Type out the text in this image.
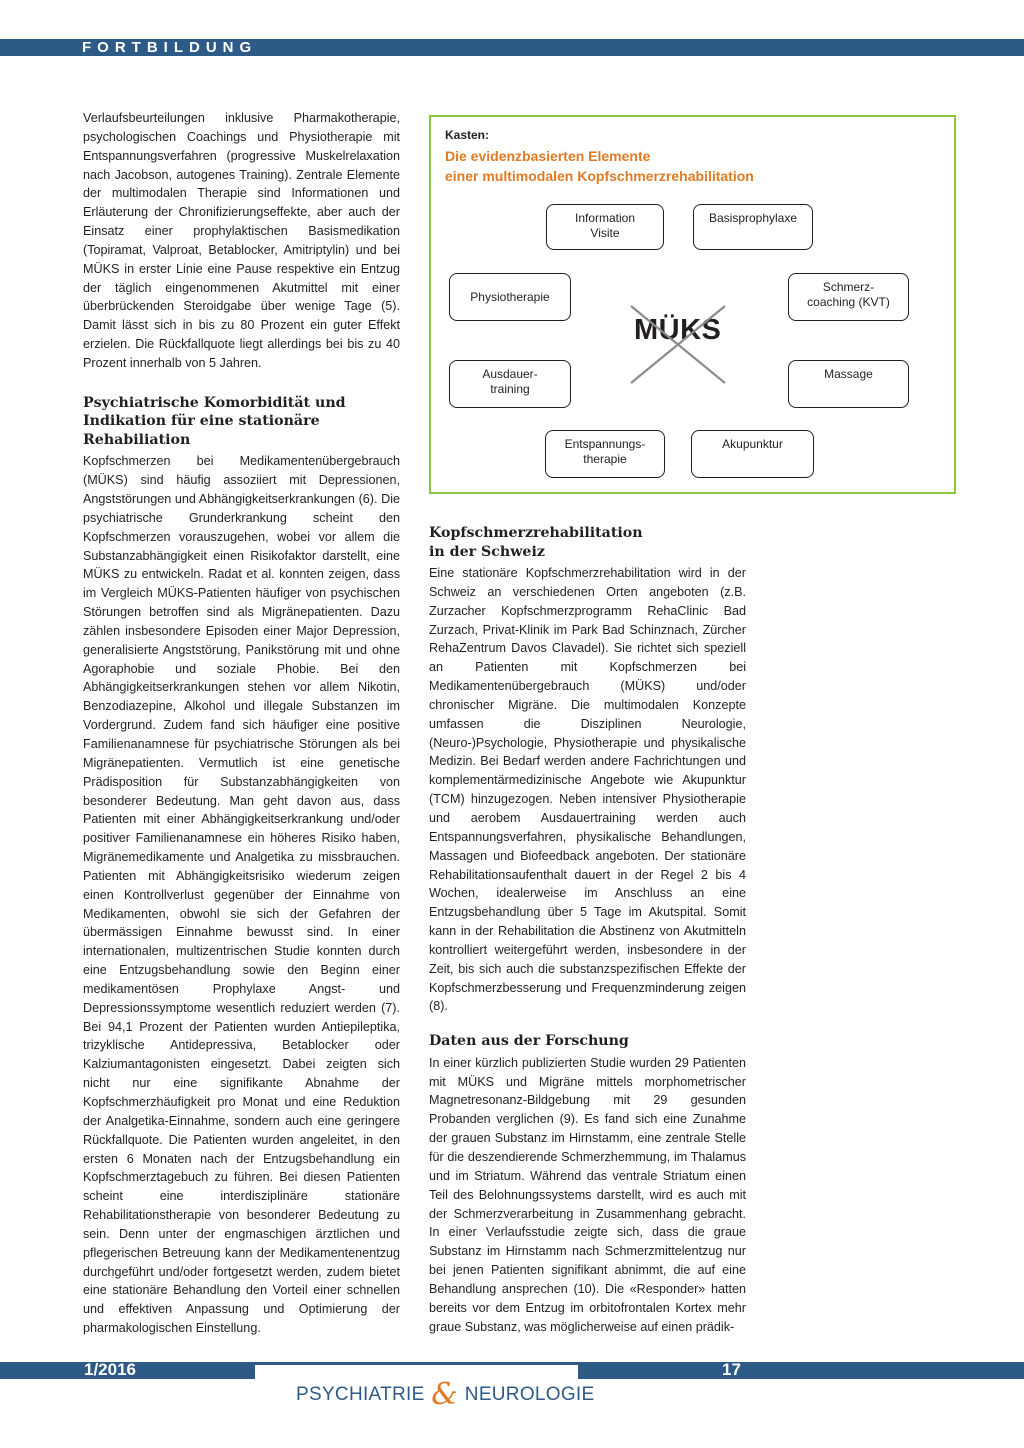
FORTBILDUNG

Verlaufsbeurteilungen inklusive Pharmakotherapie, psychologischen Coachings und Physiotherapie mit Entspannungsverfahren (progressive Muskelrelaxation nach Jacobson, autogenes Training). Zentrale Elemente der multimodalen Therapie sind Informationen und Erläuterung der Chronifizierungseffekte, aber auch der Einsatz einer prophylaktischen Basismedikation (Topiramat, Valproat, Betablocker, Amitriptylin) und bei MÜKS in erster Linie eine Pause respektive ein Entzug der täglich eingenommenen Akutmittel mit einer überbrückenden Steroidgabe über wenige Tage (5). Damit lässt sich in bis zu 80 Prozent ein guter Effekt erzielen. Die Rückfallquote liegt allerdings bei bis zu 40 Prozent innerhalb von 5 Jahren.

Psychiatrische Komorbidität und Indikation für eine stationäre Rehabiliation

Kopfschmerzen bei Medikamentenübergebrauch (MÜKS) sind häufig assoziiert mit Depressionen, Angststörungen und Abhängigkeitserkrankungen (6). Die psychiatrische Grunderkrankung scheint den Kopfschmerzen vorauszugehen, wobei vor allem die Substanzabhängigkeit einen Risikofaktor darstellt, eine MÜKS zu entwickeln. Radat et al. konnten zeigen, dass im Vergleich MÜKS-Patienten häufiger von psychischen Störungen betroffen sind als Migränepatienten. Dazu zählen insbesondere Episoden einer Major Depression, generalisierte Angststörung, Panikstörung mit und ohne Agoraphobie und soziale Phobie. Bei den Abhängigkeitserkrankungen stehen vor allem Nikotin, Benzodiazepine, Alkohol und illegale Substanzen im Vordergrund. Zudem fand sich häufiger eine positive Familienanamnese für psychiatrische Störungen als bei Migränepatienten. Vermutlich ist eine genetische Prädisposition für Substanzabhängigkeiten von besonderer Bedeutung. Man geht davon aus, dass Patienten mit einer Abhängigkeitserkrankung und/oder positiver Familienanamnese ein höheres Risiko haben, Migränemedikamente und Analgetika zu missbrauchen. Patienten mit Abhängigkeitsrisiko wiederum zeigen einen Kontrollverlust gegenüber der Einnahme von Medikamenten, obwohl sie sich der Gefahren der übermässigen Einnahme bewusst sind. In einer internationalen, multizentrischen Studie konnten durch eine Entzugsbehandlung sowie den Beginn einer medikamentösen Prophylaxe Angst- und Depressionssymptome wesentlich reduziert werden (7). Bei 94,1 Prozent der Patienten wurden Antiepileptika, trizyklische Antidepressiva, Betablocker oder Kalziumantagonisten eingesetzt. Dabei zeigten sich nicht nur eine signifikante Abnahme der Kopfschmerzhäufigkeit pro Monat und eine Reduktion der Analgetika-Einnahme, sondern auch eine geringere Rückfallquote. Die Patienten wurden angeleitet, in den ersten 6 Monaten nach der Entzugsbehandlung ein Kopfschmerztagebuch zu führen. Bei diesen Patienten scheint eine interdisziplinäre stationäre Rehabilitationstherapie von besonderer Bedeutung zu sein. Denn unter der engmaschigen ärztlichen und pflegerischen Betreuung kann der Medikamentenentzug durchgeführt und/oder fortgesetzt werden, zudem bietet eine stationäre Behandlung den Vorteil einer schnellen und effektiven Anpassung und Optimierung der pharmakologischen Einstellung.

Kasten:
Die evidenzbasierten Elemente
einer multimodalen Kopfschmerzrehabilitation
Information
Visite
Basisprophylaxe
Physiotherapie
Schmerz-
coaching (KVT)
Ausdauer-
training
Massage
Entspannungs-
therapie
Akupunktur
MÜKS
Kopfschmerzrehabilitation
in der Schweiz

Eine stationäre Kopfschmerzrehabilitation wird in der Schweiz an verschiedenen Orten angeboten (z.B. Zurzacher Kopfschmerzprogramm RehaClinic Bad Zurzach, Privat-Klinik im Park Bad Schinznach, Zürcher RehaZentrum Davos Clavadel). Sie richtet sich speziell an Patienten mit Kopfschmerzen bei Medikamentenübergebrauch (MÜKS) und/oder chronischer Migräne. Die multimodalen Konzepte umfassen die Disziplinen Neurologie, (Neuro-)Psychologie, Physiotherapie und physikalische Medizin. Bei Bedarf werden andere Fachrichtungen und komplementärmedizinische Angebote wie Akupunktur (TCM) hinzugezogen. Neben intensiver Physiotherapie und aerobem Ausdauertraining werden auch Entspannungsverfahren, physikalische Behandlungen, Massagen und Biofeedback angeboten. Der stationäre Rehabilitationsaufenthalt dauert in der Regel 2 bis 4 Wochen, idealerweise im Anschluss an eine Entzugsbehandlung über 5 Tage im Akutspital. Somit kann in der Rehabilitation die Abstinenz von Akutmitteln kontrolliert weitergeführt werden, insbesondere in der Zeit, bis sich auch die substanzspezifischen Effekte der Kopfschmerzbesserung und Frequenzminderung zeigen (8).

Daten aus der Forschung

In einer kürzlich publizierten Studie wurden 29 Patienten mit MÜKS und Migräne mittels morphometrischer Magnetresonanz-Bildgebung mit 29 gesunden Probanden verglichen (9). Es fand sich eine Zunahme der grauen Substanz im Hirnstamm, eine zentrale Stelle für die deszendierende Schmerzhemmung, im Thalamus und im Striatum. Während das ventrale Striatum einen Teil des Belohnungssystems darstellt, wird es auch mit der Schmerzverarbeitung in Zusammenhang gebracht. In einer Verlaufsstudie zeigte sich, dass die graue Substanz im Hirnstamm nach Schmerzmittelentzug nur bei jenen Patienten signifikant abnimmt, die auf eine Behandlung ansprechen (10). Die «Responder» hatten bereits vor dem Entzug im orbitofrontalen Kortex mehr graue Substanz, was möglicherweise auf einen prädik-

1/2016	17
PSYCHIATRIE & NEUROLOGIE
